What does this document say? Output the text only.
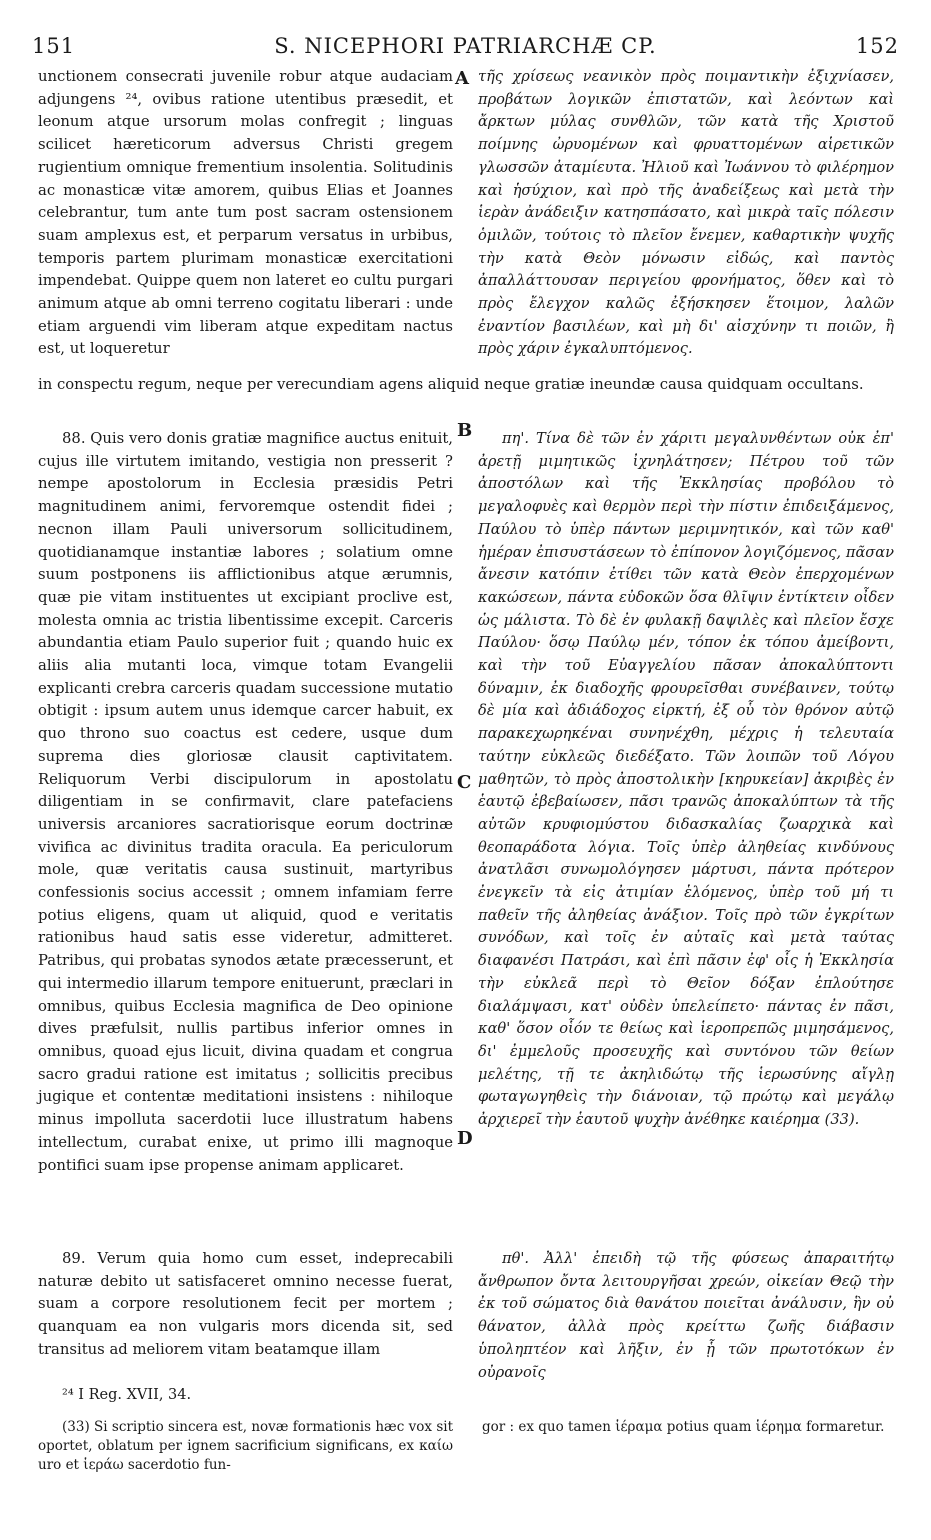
151	S. NICEPHORI PATRIARCHÆ CP.	152

unctionem consecrati juvenile robur atque audaciam adjungens ²⁴, ovibus ratione utentibus præsedit, et leonum atque ursorum molas confregit ; linguas scilicet hæreticorum adversus Christi gregem rugientium omnique frementium insolentia. Solitudinis ac monasticæ vitæ amorem, quibus Elias et Joannes celebrantur, tum ante tum post sacram ostensionem suam amplexus est, et perparum versatus in urbibus, temporis partem plurimam monasticæ exercitationi impendebat. Quippe quem non lateret eo cultu purgari animum atque ab omni terreno cogitatu liberari : unde etiam arguendi vim liberam atque expeditam nactus est, ut loqueretur

A τῆς χρίσεως νεανικὸν πρὸς ποιμαντικὴν ἐξιχνίασεν, προβάτων λογικῶν ἐπιστατῶν, καὶ λεόντων καὶ ἄρκτων μύλας συνθλῶν, τῶν κατὰ τῆς Χριστοῦ ποίμνης ὠρυομένων καὶ φρυαττομένων αἱρετικῶν γλωσσῶν ἀταμίευτα. Ἠλιοῦ καὶ Ἰωάννου τὸ φιλέρημον καὶ ἡσύχιον, καὶ πρὸ τῆς ἀναδείξεως καὶ μετὰ τὴν ἱερὰν ἀνάδειξιν κατησπάσατο, καὶ μικρὰ ταῖς πόλεσιν ὁμιλῶν, τούτοις τὸ πλεῖον ἔνεμεν, καθαρτικὴν ψυχῆς τὴν κατὰ Θεὸν μόνωσιν εἰδώς, καὶ παντὸς ἀπαλλάττουσαν περιγείου φρονήματος, ὅθεν καὶ τὸ πρὸς ἔλεγχον καλῶς ἐξήσκησεν ἕτοιμον, λαλῶν ἐναντίον βασιλέων, καὶ μὴ δι' αἰσχύνην τι ποιῶν, ἢ πρὸς χάριν ἐγκαλυπτόμενος.

in conspectu regum, neque per verecundiam agens aliquid neque gratiæ ineundæ causa quidquam occultans.

88. Quis vero donis gratiæ magnifice auctus enituit, cujus ille virtutem imitando, vestigia non presserit ? nempe apostolorum in Ecclesia præsidis Petri magnitudinem animi, fervoremque ostendit fidei ; necnon illam Pauli universorum sollicitudinem, quotidianamque instantiæ labores ; solatium omne suum postponens iis afflictionibus atque ærumnis, quæ pie vitam instituentes ut excipiant proclive est, molesta omnia ac tristia libentissime excepit. Carceris abundantia etiam Paulo superior fuit ; quando huic ex aliis alia mutanti loca, vimque totam Evangelii explicanti crebra carceris quadam successione mutatio obtigit : ipsum autem unus idemque carcer habuit, ex quo throno suo coactus est cedere, usque dum suprema dies gloriosæ clausit captivitatem. Reliquorum Verbi discipulorum in apostolatu diligentiam in se confirmavit, clare patefaciens universis arcaniores sacratiorisque eorum doctrinæ vivifica ac divinitus tradita oracula. Ea periculorum mole, quæ veritatis causa sustinuit, martyribus confessionis socius accessit ; omnem infamiam ferre potius eligens, quam ut aliquid, quod e veritatis rationibus haud satis esse videretur, admitteret. Patribus, qui probatas synodos ætate præcesserunt, et qui intermedio illarum tempore enituerunt, præclari in omnibus, quibus Ecclesia magnifica de Deo opinione dives præfulsit, nullis partibus inferior omnes in omnibus, quoad ejus licuit, divina quadam et congrua sacro gradui ratione est imitatus ; sollicitis precibus jugique et contentæ meditationi insistens : nihiloque minus impolluta sacerdotii luce illustratum habens intellectum, curabat enixe, ut primo illi magnoque pontifici suam ipse propense animam applicaret.

B
C
D

πη'. Τίνα δὲ τῶν ἐν χάριτι μεγαλυνθέντων οὐκ ἐπ' ἀρετῇ μιμητικῶς ἰχνηλάτησεν; Πέτρου τοῦ τῶν ἀποστόλων καὶ τῆς Ἐκκλησίας προβόλου τὸ μεγαλοφυὲς καὶ θερμὸν περὶ τὴν πίστιν ἐπιδειξάμενος, Παύλου τὸ ὑπὲρ πάντων μεριμνητικόν, καὶ τῶν καθ' ἡμέραν ἐπισυστάσεων τὸ ἐπίπονον λογιζόμενος, πᾶσαν ἄνεσιν κατόπιν ἐτίθει τῶν κατὰ Θεὸν ἐπερχομένων κακώσεων, πάντα εὐδοκῶν ὅσα θλῖψιν ἐντίκτειν οἶδεν ὡς μάλιστα. Τὸ δὲ ἐν φυλακῇ δαψιλὲς καὶ πλεῖον ἔσχε Παύλου· ὅσῳ Παύλῳ μέν, τόπον ἐκ τόπου ἀμείβοντι, καὶ τὴν τοῦ Εὐαγγελίου πᾶσαν ἀποκαλύπτοντι δύναμιν, ἐκ διαδοχῆς φρουρεῖσθαι συνέβαινεν, τούτῳ δὲ μία καὶ ἀδιάδοχος εἱρκτή, ἐξ οὗ τὸν θρόνον αὐτῷ παρακεχωρηκέναι συνηνέχθη, μέχρις ἡ τελευταία ταύτην εὐκλεῶς διεδέξατο. Τῶν λοιπῶν τοῦ Λόγου μαθητῶν, τὸ πρὸς ἀποστολικὴν [κηρυκείαν] ἀκριβὲς ἐν ἑαυτῷ ἐβεβαίωσεν, πᾶσι τρανῶς ἀποκαλύπτων τὰ τῆς αὐτῶν κρυφιομύστου διδασκαλίας ζωαρχικὰ καὶ θεοπαράδοτα λόγια. Τοῖς ὑπὲρ ἀληθείας κινδύνους ἀνατλᾶσι συνωμολόγησεν μάρτυσι, πάντα πρότερον ἐνεγκεῖν τὰ εἰς ἀτιμίαν ἑλόμενος, ὑπὲρ τοῦ μή τι παθεῖν τῆς ἀληθείας ἀνάξιον. Τοῖς πρὸ τῶν ἐγκρίτων συνόδων, καὶ τοῖς ἐν αὐταῖς καὶ μετὰ ταύτας διαφανέσι Πατράσι, καὶ ἐπὶ πᾶσιν ἐφ' οἷς ἡ Ἐκκλησία τὴν εὐκλεᾶ περὶ τὸ Θεῖον δόξαν ἐπλούτησε διαλάμψασι, κατ' οὐδὲν ὑπελείπετο· πάντας ἐν πᾶσι, καθ' ὅσον οἷόν τε θείως καὶ ἱεροπρεπῶς μιμησάμενος, δι' ἐμμελοῦς προσευχῆς καὶ συντόνου τῶν θείων μελέτης, τῇ τε ἀκηλιδώτῳ τῆς ἱερωσύνης αἴγλῃ φωταγωγηθεὶς τὴν διάνοιαν, τῷ πρώτῳ καὶ μεγάλῳ ἀρχιερεῖ τὴν ἑαυτοῦ ψυχὴν ἀνέθηκε καιέρημα (33).

89. Verum quia homo cum esset, indeprecabili naturæ debito ut satisfaceret omnino necesse fuerat, suam a corpore resolutionem fecit per mortem ; quanquam ea non vulgaris mors dicenda sit, sed transitus ad meliorem vitam beatamque illam

πθ'. Ἀλλ' ἐπειδὴ τῷ τῆς φύσεως ἀπαραιτήτῳ ἄνθρωπον ὄντα λειτουργῆσαι χρεών, οἰκείαν Θεῷ τὴν ἐκ τοῦ σώματος διὰ θανάτου ποιεῖται ἀνάλυσιν, ἣν οὐ θάνατον, ἀλλὰ πρὸς κρείττω ζωῆς διάβασιν ὑποληπτέον καὶ λῆξιν, ἐν ᾗ τῶν πρωτοτόκων ἐν οὐρανοῖς

²⁴ I Reg. XVII, 34.

(33) Si scriptio sincera est, novæ formationis hæc vox sit oportet, oblatum per ignem sacrificium significans, ex καίω uro et ἱεράω sacerdotio fun-

gor : ex quo tamen ἱέραμα potius quam ἱέρημα formaretur.
